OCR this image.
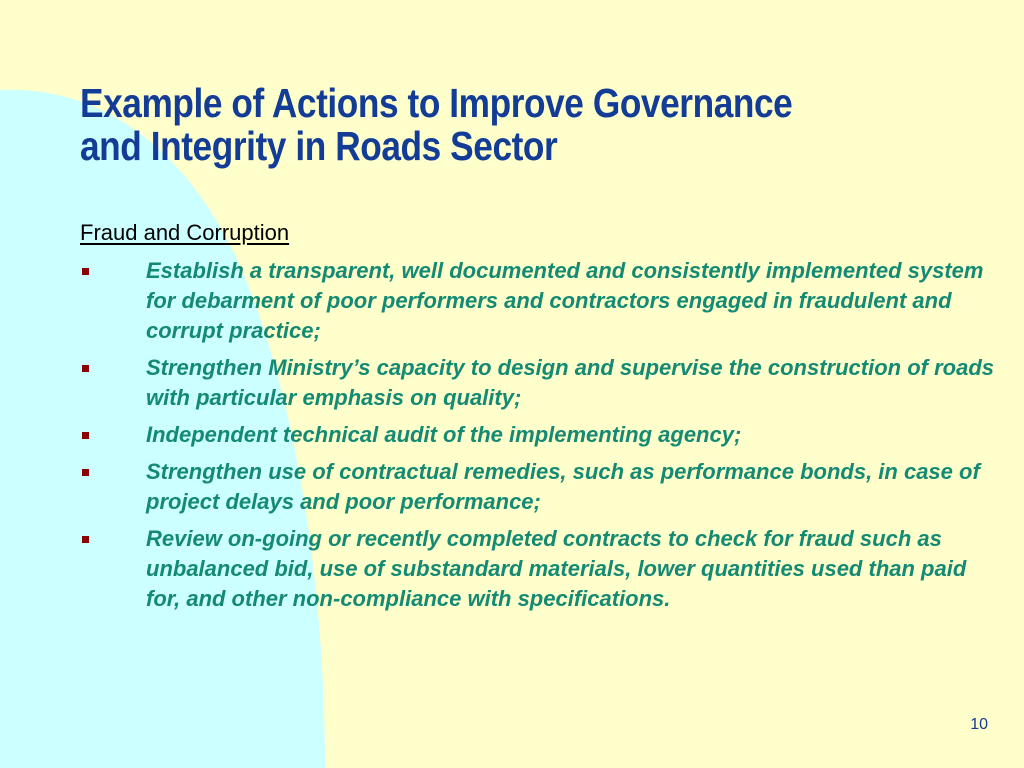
Example of Actions to Improve Governance
and Integrity in Roads Sector
Fraud and Corruption
Establish a transparent, well documented and consistently implemented system for debarment of poor performers and contractors engaged in fraudulent and corrupt practice;
Strengthen Ministry’s capacity to design and supervise the construction of roads with particular emphasis on quality;
Independent technical audit of the implementing agency;
Strengthen use of contractual remedies, such as performance bonds, in case of project delays and poor performance;
Review on-going or recently completed contracts to check for fraud such as unbalanced bid, use of substandard materials, lower quantities used than paid for, and other non-compliance with specifications.
10
